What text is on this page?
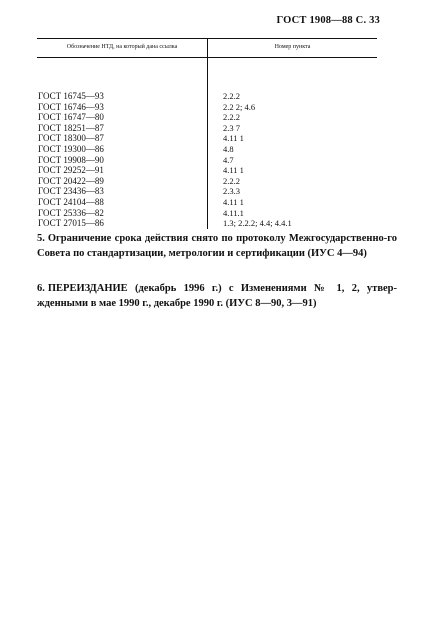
ГОСТ 1908—88 С. 33
Обозначение НТД, на который дана ссылка	Номер пункта
ГОСТ 16745—93	2.2.2
ГОСТ 16746—93	2.2 2; 4.6
ГОСТ 16747—80	2.2.2
ГОСТ 18251—87	2.3 7
ГОСТ 18300—87	4.11 1
ГОСТ 19300—86	4.8
ГОСТ 19908—90	4.7
ГОСТ 29252—91	4.11 1
ГОСТ 20422—89	2.2.2
ГОСТ 23436—83	2.3.3
ГОСТ 24104—88	4.11 1
ГОСТ 25336—82	4.11.1
ГОСТ 27015—86	1.3; 2.2.2; 4.4; 4.4.1
5. Ограничение срока действия снято по протоколу Межгосударственно-го Совета по стандартизации, метрологии и сертификации (ИУС 4—94)
6. ПЕРЕИЗДАНИЕ (декабрь 1996 г.) с Изменениями № 1, 2, утвер-жденными в мае 1990 г., декабре 1990 г. (ИУС 8—90, 3—91)
